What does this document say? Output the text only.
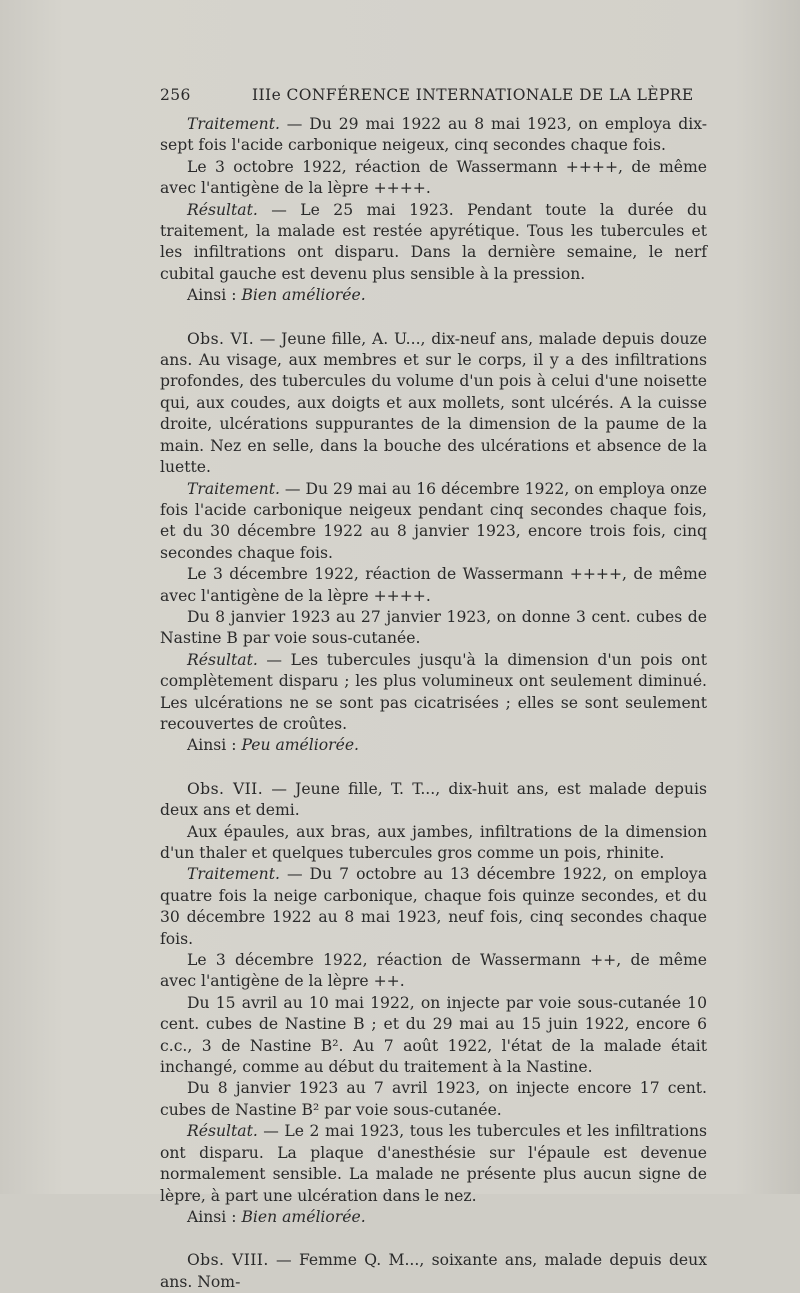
256	IIIe CONFÉRENCE INTERNATIONALE DE LA LÈPRE

Traitement. — Du 29 mai 1922 au 8 mai 1923, on employa dix-sept fois l'acide carbonique neigeux, cinq secondes chaque fois.

Le 3 octobre 1922, réaction de Wassermann ++++, de même avec l'antigène de la lèpre ++++.

Résultat. — Le 25 mai 1923. Pendant toute la durée du traitement, la malade est restée apyrétique. Tous les tubercules et les infiltrations ont disparu. Dans la dernière semaine, le nerf cubital gauche est devenu plus sensible à la pression.

Ainsi : Bien améliorée.

Obs. VI. — Jeune fille, A. U..., dix-neuf ans, malade depuis douze ans. Au visage, aux membres et sur le corps, il y a des infiltrations profondes, des tubercules du volume d'un pois à celui d'une noisette qui, aux coudes, aux doigts et aux mollets, sont ulcérés. A la cuisse droite, ulcérations suppurantes de la dimension de la paume de la main. Nez en selle, dans la bouche des ulcérations et absence de la luette.

Traitement. — Du 29 mai au 16 décembre 1922, on employa onze fois l'acide carbonique neigeux pendant cinq secondes chaque fois, et du 30 décembre 1922 au 8 janvier 1923, encore trois fois, cinq secondes chaque fois.

Le 3 décembre 1922, réaction de Wassermann ++++, de même avec l'antigène de la lèpre ++++.

Du 8 janvier 1923 au 27 janvier 1923, on donne 3 cent. cubes de Nastine B par voie sous-cutanée.

Résultat. — Les tubercules jusqu'à la dimension d'un pois ont complètement disparu ; les plus volumineux ont seulement diminué. Les ulcérations ne se sont pas cicatrisées ; elles se sont seulement recouvertes de croûtes.

Ainsi : Peu améliorée.

Obs. VII. — Jeune fille, T. T..., dix-huit ans, est malade depuis deux ans et demi.

Aux épaules, aux bras, aux jambes, infiltrations de la dimension d'un thaler et quelques tubercules gros comme un pois, rhinite.

Traitement. — Du 7 octobre au 13 décembre 1922, on employa quatre fois la neige carbonique, chaque fois quinze secondes, et du 30 décembre 1922 au 8 mai 1923, neuf fois, cinq secondes chaque fois.

Le 3 décembre 1922, réaction de Wassermann ++, de même avec l'antigène de la lèpre ++.

Du 15 avril au 10 mai 1922, on injecte par voie sous-cutanée 10 cent. cubes de Nastine B ; et du 29 mai au 15 juin 1922, encore 6 c.c., 3 de Nastine B². Au 7 août 1922, l'état de la malade était inchangé, comme au début du traitement à la Nastine.

Du 8 janvier 1923 au 7 avril 1923, on injecte encore 17 cent. cubes de Nastine B² par voie sous-cutanée.

Résultat. — Le 2 mai 1923, tous les tubercules et les infiltrations ont disparu. La plaque d'anesthésie sur l'épaule est devenue normalement sensible. La malade ne présente plus aucun signe de lèpre, à part une ulcération dans le nez.

Ainsi : Bien améliorée.

Obs. VIII. — Femme Q. M..., soixante ans, malade depuis deux ans. Nom-
